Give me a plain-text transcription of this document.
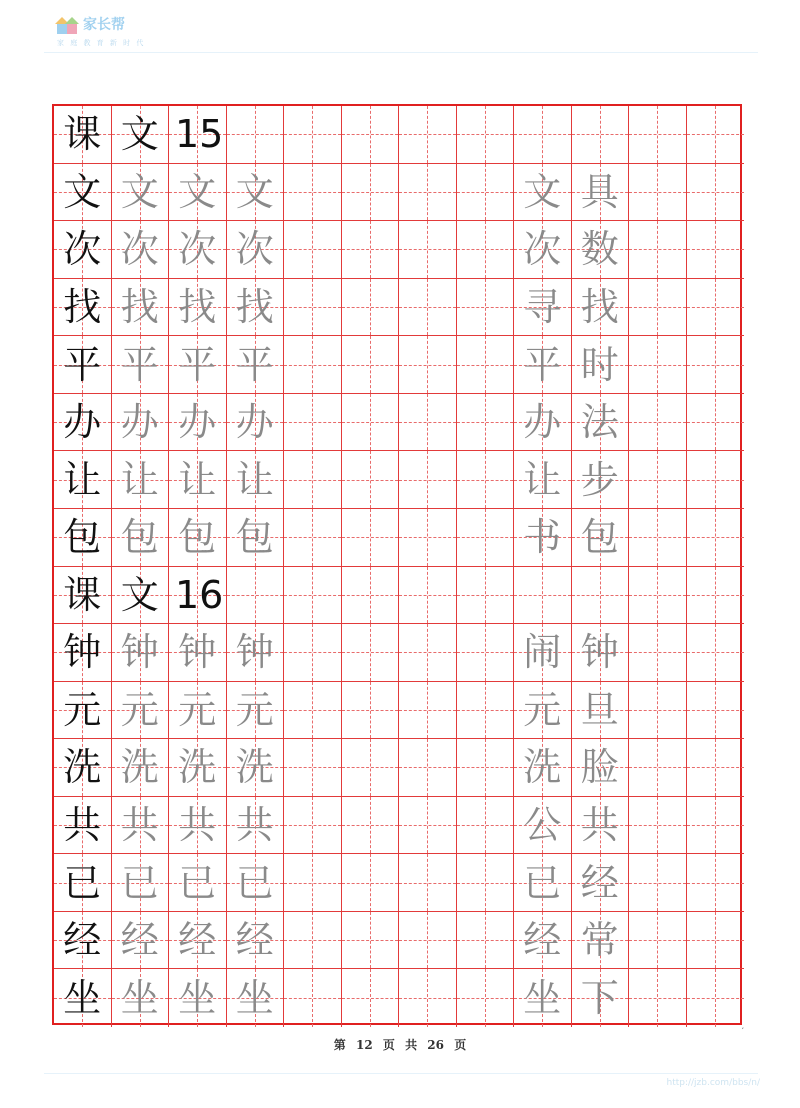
家长帮
家 庭 教 育 新 时 代
课 文 15
文 文 文 文	文 具
次 次 次 次	次 数
找 找 找 找	寻 找
平 平 平 平	平 时
办 办 办 办	办 法
让 让 让 让	让 步
包 包 包 包	书 包
课 文 16
钟 钟 钟 钟	闹 钟
元 元 元 元	元 旦
洗 洗 洗 洗	洗 脸
共 共 共 共	公 共
已 已 已 已	已 经
经 经 经 经	经 常
坐 坐 坐 坐	坐 下
,
第 12 页 共 26 页
http://jzb.com/bbs/n/
